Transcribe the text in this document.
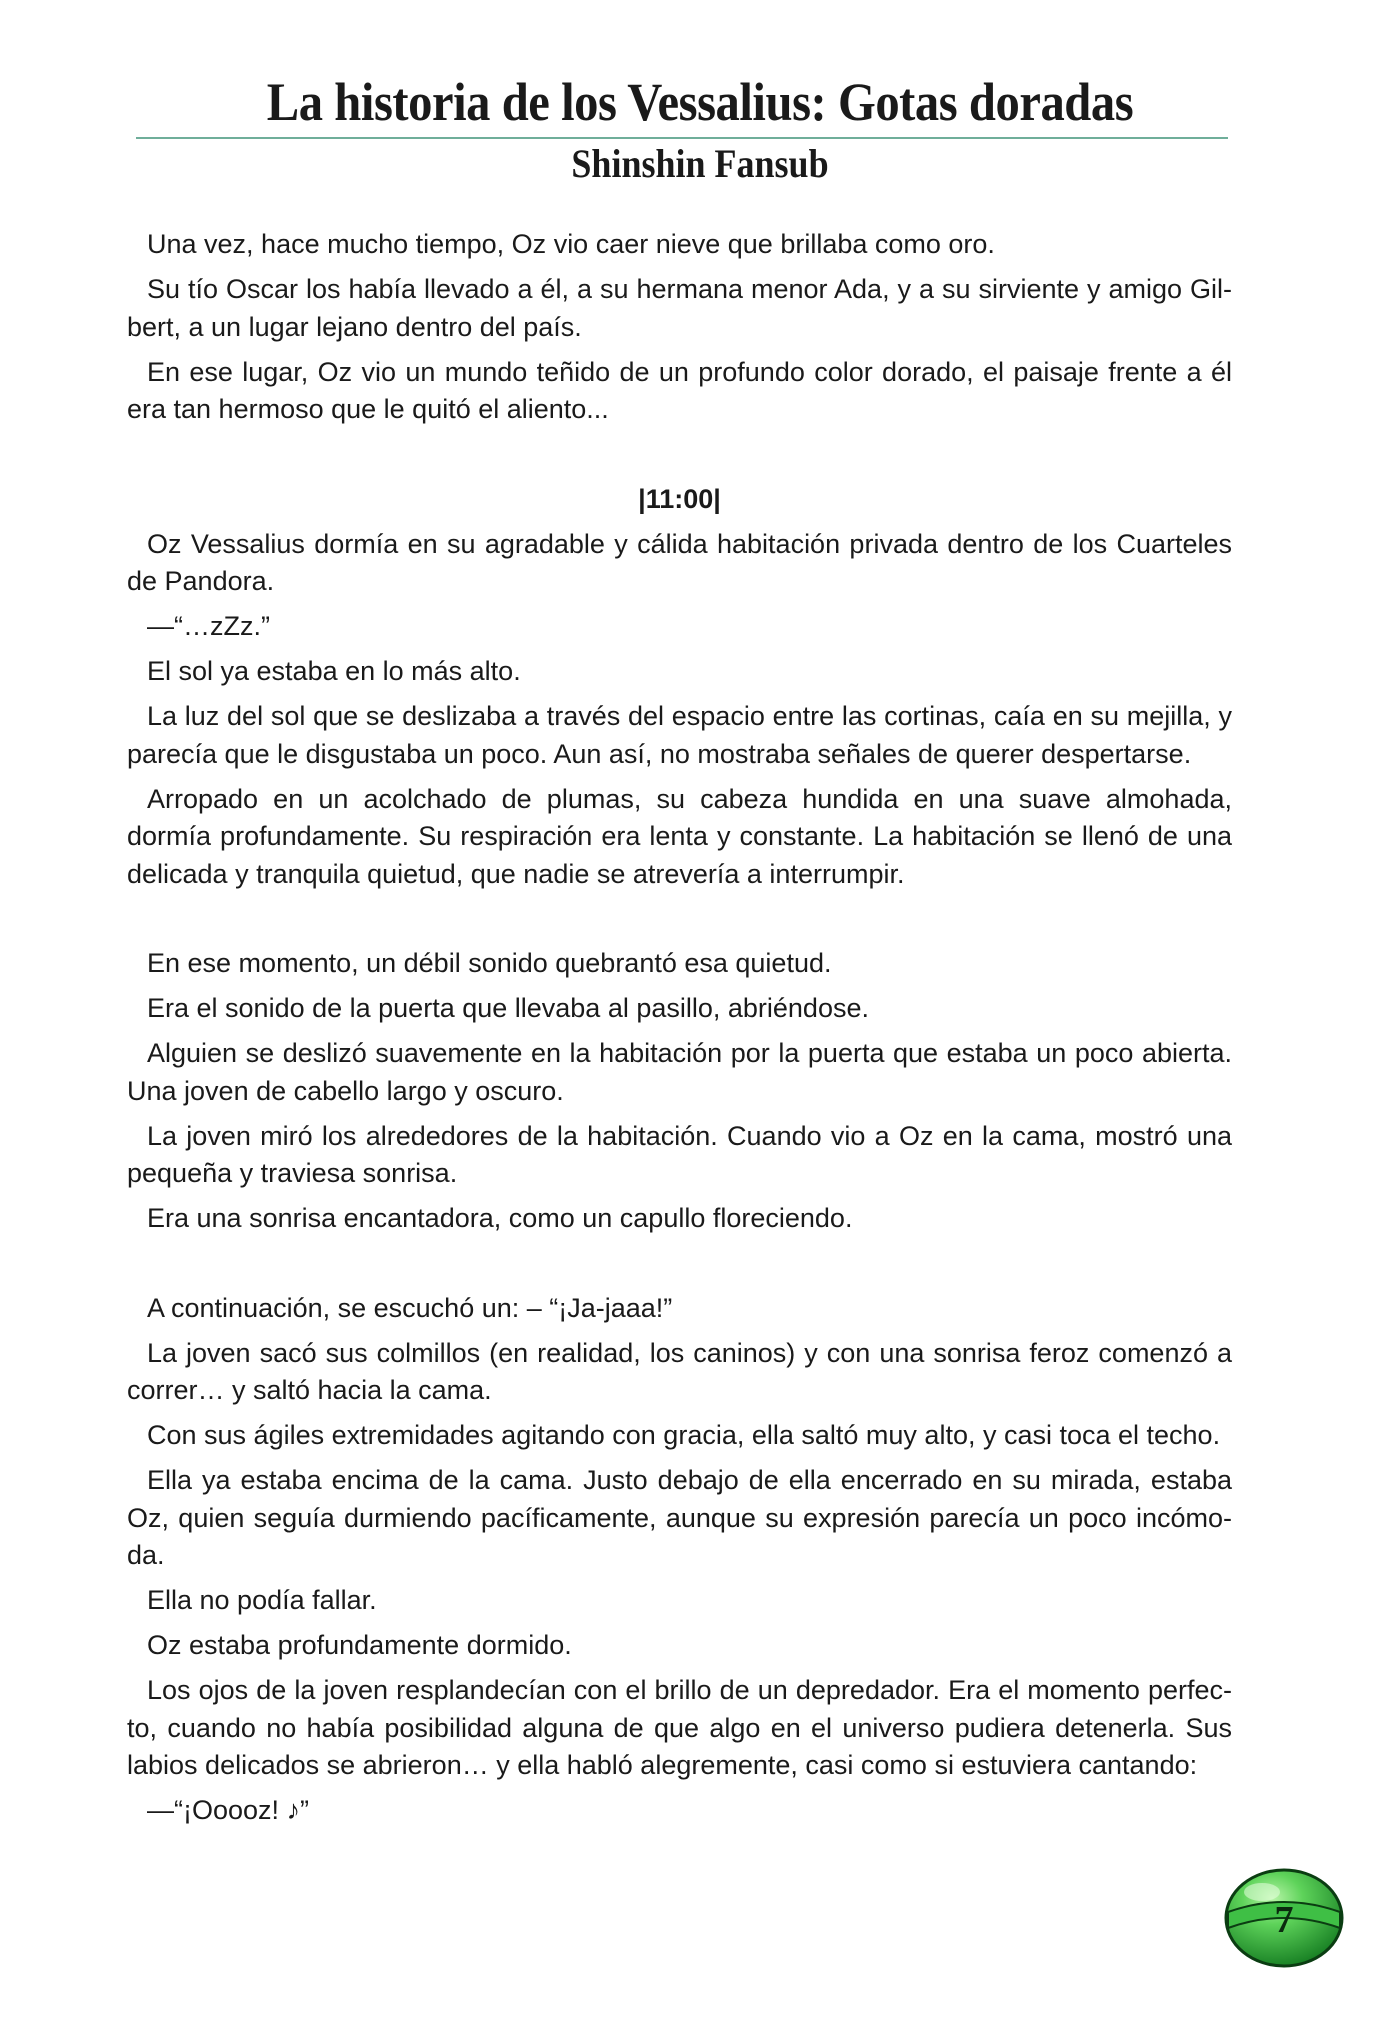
La historia de los Vessalius: Gotas doradas
Shinshin Fansub

Una vez, hace mucho tiempo, Oz vio caer nieve que brillaba como oro.

Su tío Oscar los había llevado a él, a su hermana menor Ada, y a su sirviente y amigo Gilbert, a un lugar lejano dentro del país.

En ese lugar, Oz vio un mundo teñido de un profundo color dorado, el paisaje frente a él era tan hermoso que le quitó el aliento...

|11:00|

Oz Vessalius dormía en su agradable y cálida habitación privada dentro de los Cuarteles de Pandora.

—“…zZz.”

El sol ya estaba en lo más alto.

La luz del sol que se deslizaba a través del espacio entre las cortinas, caía en su mejilla, y parecía que le disgustaba un poco. Aun así, no mostraba señales de querer despertarse.

Arropado en un acolchado de plumas, su cabeza hundida en una suave almohada, dormía profundamente. Su respiración era lenta y constante. La habitación se llenó de una delicada y tranquila quietud, que nadie se atrevería a interrumpir.

En ese momento, un débil sonido quebrantó esa quietud.

Era el sonido de la puerta que llevaba al pasillo, abriéndose.

Alguien se deslizó suavemente en la habitación por la puerta que estaba un poco abierta. Una joven de cabello largo y oscuro.

La joven miró los alrededores de la habitación. Cuando vio a Oz en la cama, mostró una pequeña y traviesa sonrisa.

Era una sonrisa encantadora, como un capullo floreciendo.

A continuación, se escuchó un: – “¡Ja-jaaa!”

La joven sacó sus colmillos (en realidad, los caninos) y con una sonrisa feroz comenzó a correr… y saltó hacia la cama.

Con sus ágiles extremidades agitando con gracia, ella saltó muy alto, y casi toca el techo.

Ella ya estaba encima de la cama. Justo debajo de ella encerrado en su mirada, estaba Oz, quien seguía durmiendo pacíficamente, aunque su expresión parecía un poco incómoda.

Ella no podía fallar.

Oz estaba profundamente dormido.

Los ojos de la joven resplandecían con el brillo de un depredador. Era el momento perfecto, cuando no había posibilidad alguna de que algo en el universo pudiera detenerla. Sus labios delicados se abrieron… y ella habló alegremente, casi como si estuviera cantando:

—“¡Ooooz! ♪”

7
